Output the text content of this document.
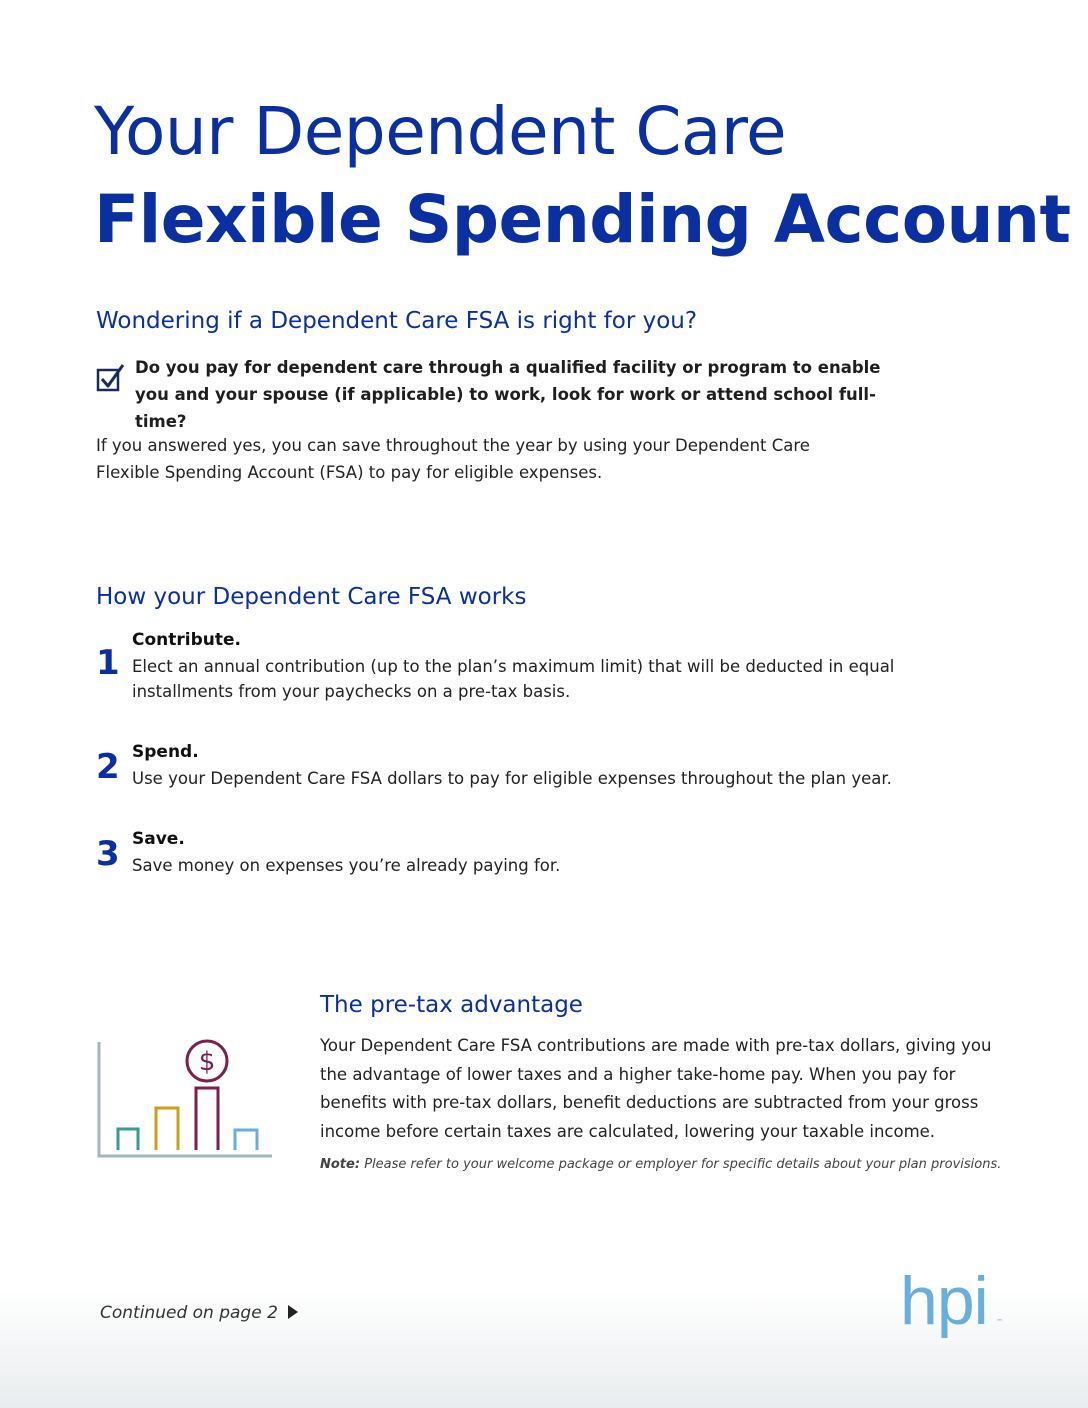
Your Dependent Care
Flexible Spending Account
Wondering if a Dependent Care FSA is right for you?
Do you pay for dependent care through a qualified facility or program to enable you and your spouse (if applicable) to work, look for work or attend school full-time?

If you answered yes, you can save throughout the year by using your Dependent Care Flexible Spending Account (FSA) to pay for eligible expenses.

How your Dependent Care FSA works
1
Contribute.
Elect an annual contribution (up to the plan’s maximum limit) that will be deducted in equal installments from your paychecks on a pre-tax basis.
2 Spend.
Use your Dependent Care FSA dollars to pay for eligible expenses throughout the plan year.
3 Save.
Save money on expenses you’re already paying for.
$
The pre-tax advantage

Your Dependent Care FSA contributions are made with pre-tax dollars, giving you the advantage of lower taxes and a higher take-home pay. When you pay for benefits with pre-tax dollars, benefit deductions are subtracted from your gross income before certain taxes are calculated, lowering your taxable income.

Note: Please refer to your welcome package or employer for specific details about your plan provisions.

Continued on page 2	hpi ™
